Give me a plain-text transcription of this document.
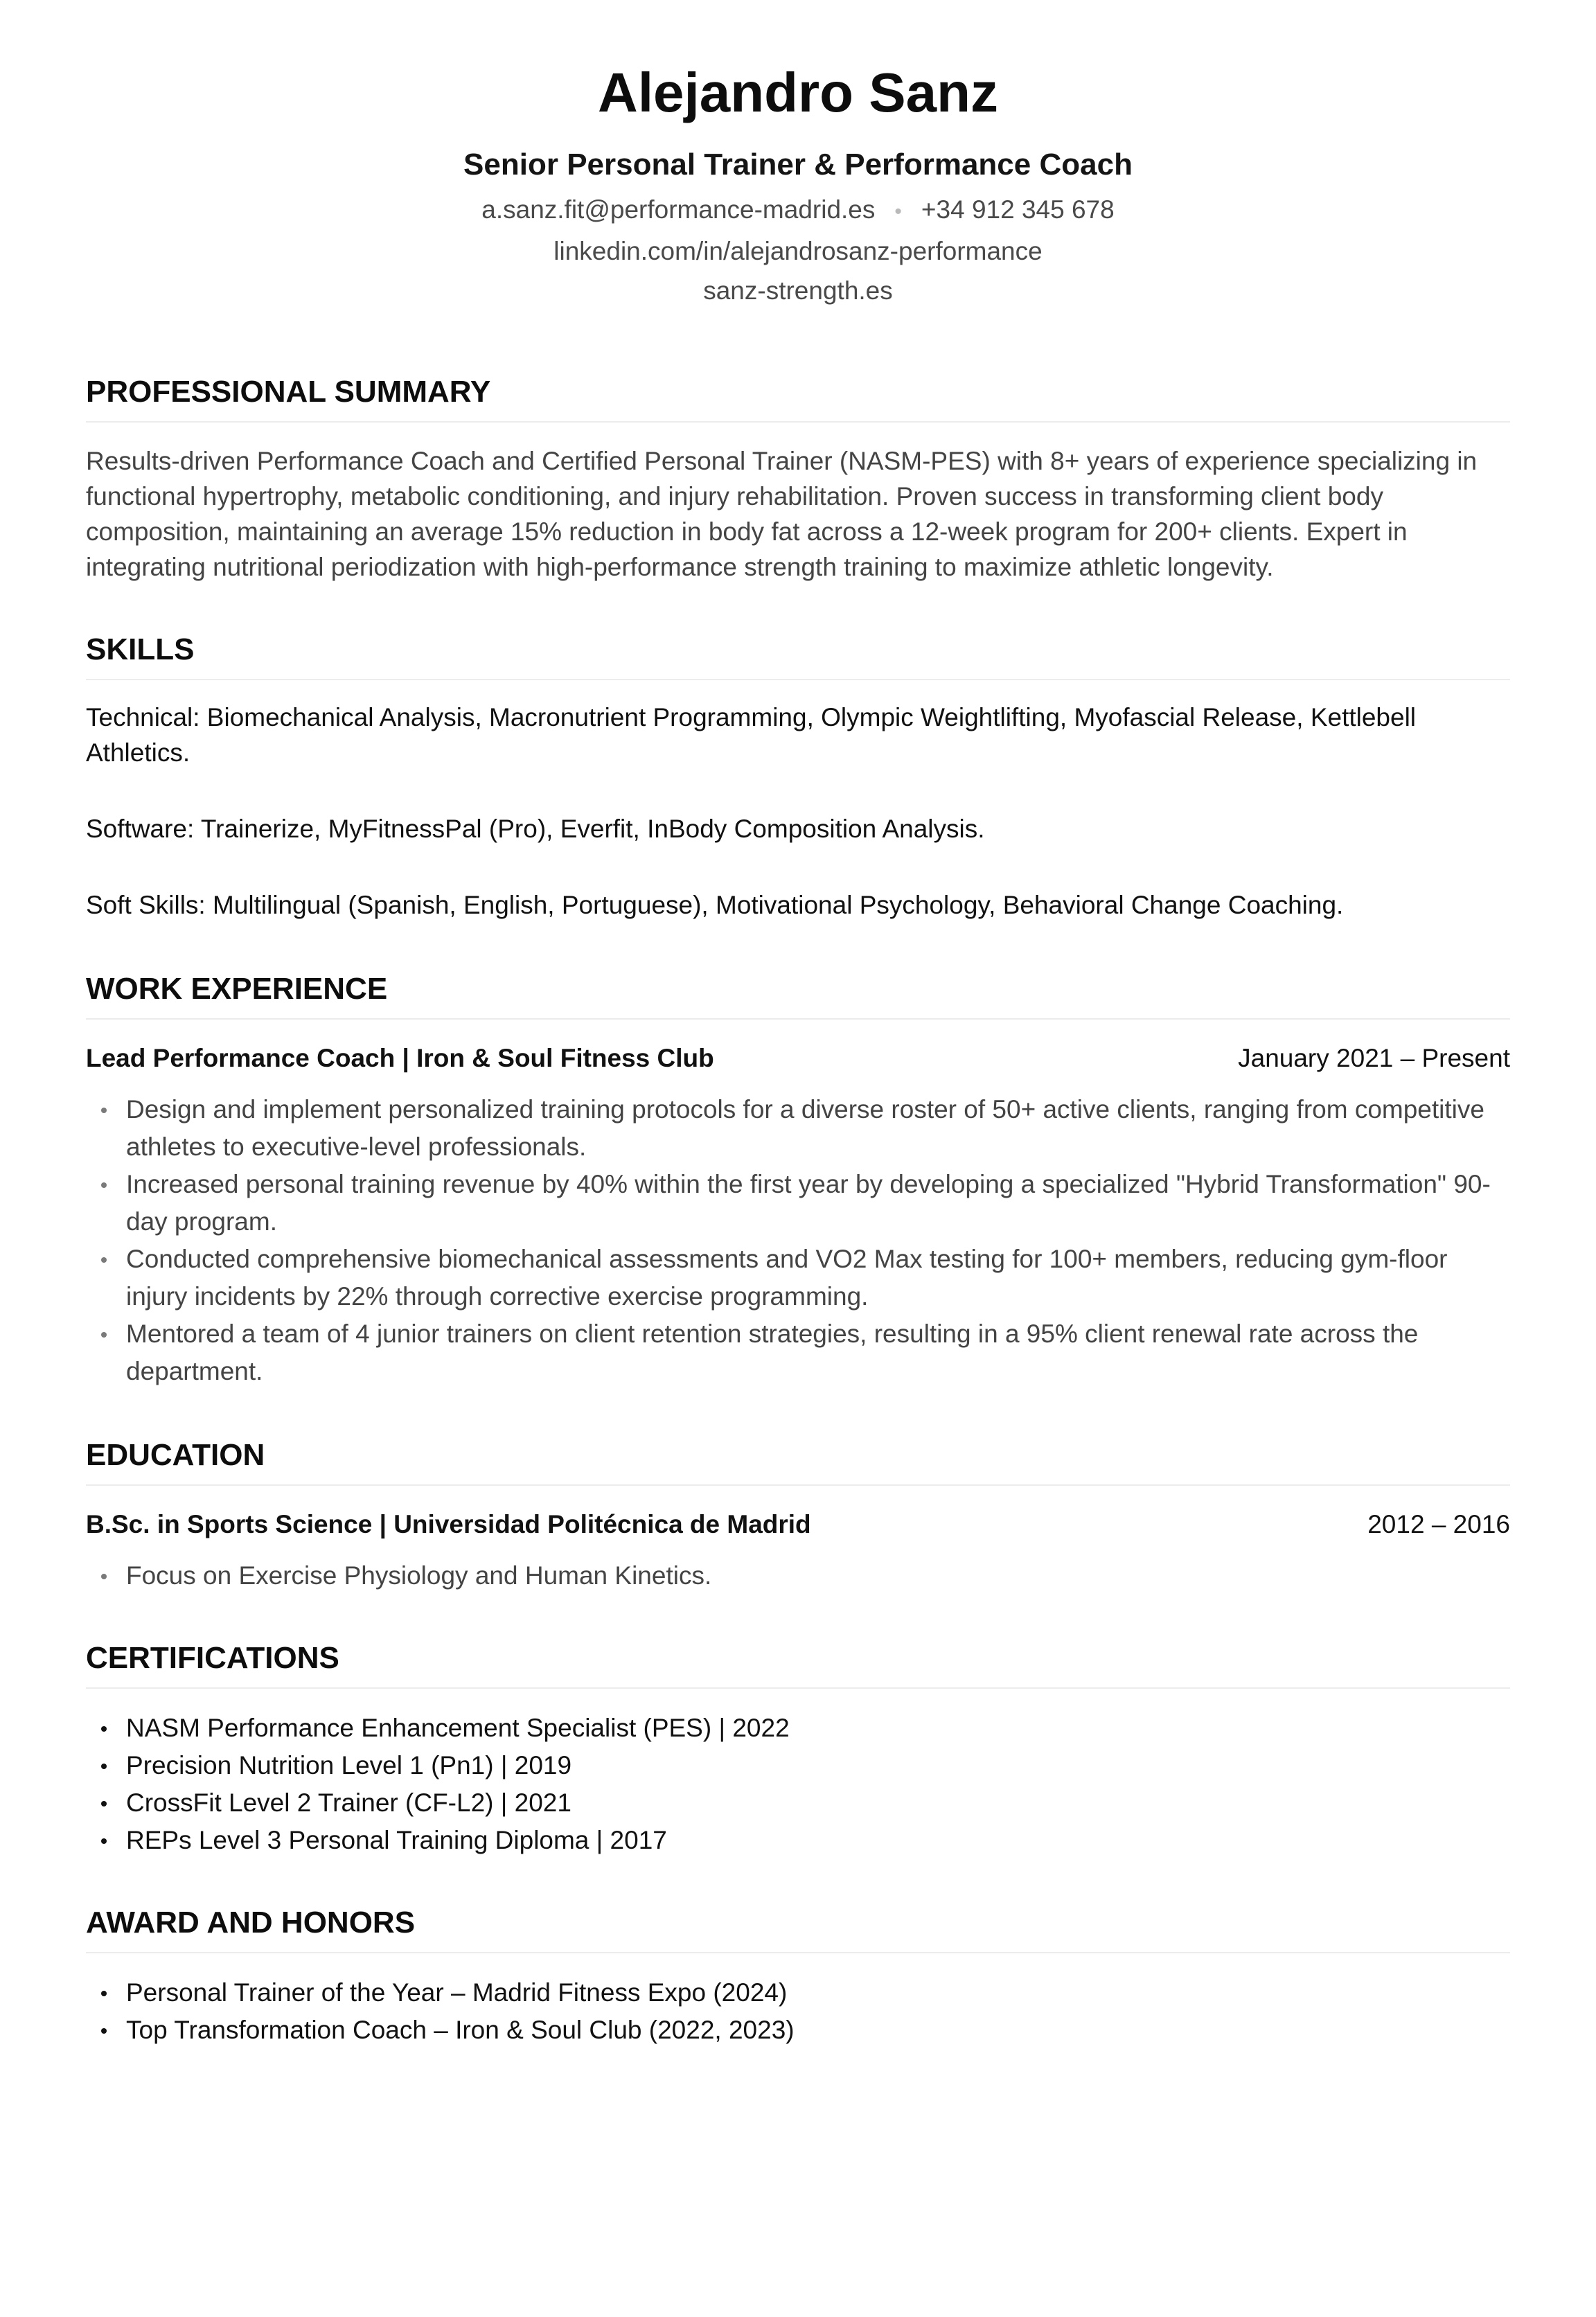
Alejandro Sanz
Senior Personal Trainer & Performance Coach
a.sanz.fit@performance-madrid.es • +34 912 345 678
linkedin.com/in/alejandrosanz-performance
sanz-strength.es
PROFESSIONAL SUMMARY

Results-driven Performance Coach and Certified Personal Trainer (NASM-PES) with 8+ years of experience specializing in functional hypertrophy, metabolic conditioning, and injury rehabilitation. Proven success in transforming client body composition, maintaining an average 15% reduction in body fat across a 12-week program for 200+ clients. Expert in integrating nutritional periodization with high-performance strength training to maximize athletic longevity.

SKILLS

Technical: Biomechanical Analysis, Macronutrient Programming, Olympic Weightlifting, Myofascial Release, Kettlebell Athletics.

Software: Trainerize, MyFitnessPal (Pro), Everfit, InBody Composition Analysis.

Soft Skills: Multilingual (Spanish, English, Portuguese), Motivational Psychology, Behavioral Change Coaching.

WORK EXPERIENCE
Lead Performance Coach | Iron & Soul Fitness Club	January 2021 – Present
Design and implement personalized training protocols for a diverse roster of 50+ active clients, ranging from competitive athletes to executive-level professionals.
Increased personal training revenue by 40% within the first year by developing a specialized "Hybrid Transformation" 90-day program.
Conducted comprehensive biomechanical assessments and VO2 Max testing for 100+ members, reducing gym-floor injury incidents by 22% through corrective exercise programming.
Mentored a team of 4 junior trainers on client retention strategies, resulting in a 95% client renewal rate across the department.
EDUCATION
B.Sc. in Sports Science | Universidad Politécnica de Madrid	2012 – 2016
Focus on Exercise Physiology and Human Kinetics.
CERTIFICATIONS
NASM Performance Enhancement Specialist (PES) | 2022
Precision Nutrition Level 1 (Pn1) | 2019
CrossFit Level 2 Trainer (CF-L2) | 2021
REPs Level 3 Personal Training Diploma | 2017
AWARD AND HONORS
Personal Trainer of the Year – Madrid Fitness Expo (2024)
Top Transformation Coach – Iron & Soul Club (2022, 2023)
